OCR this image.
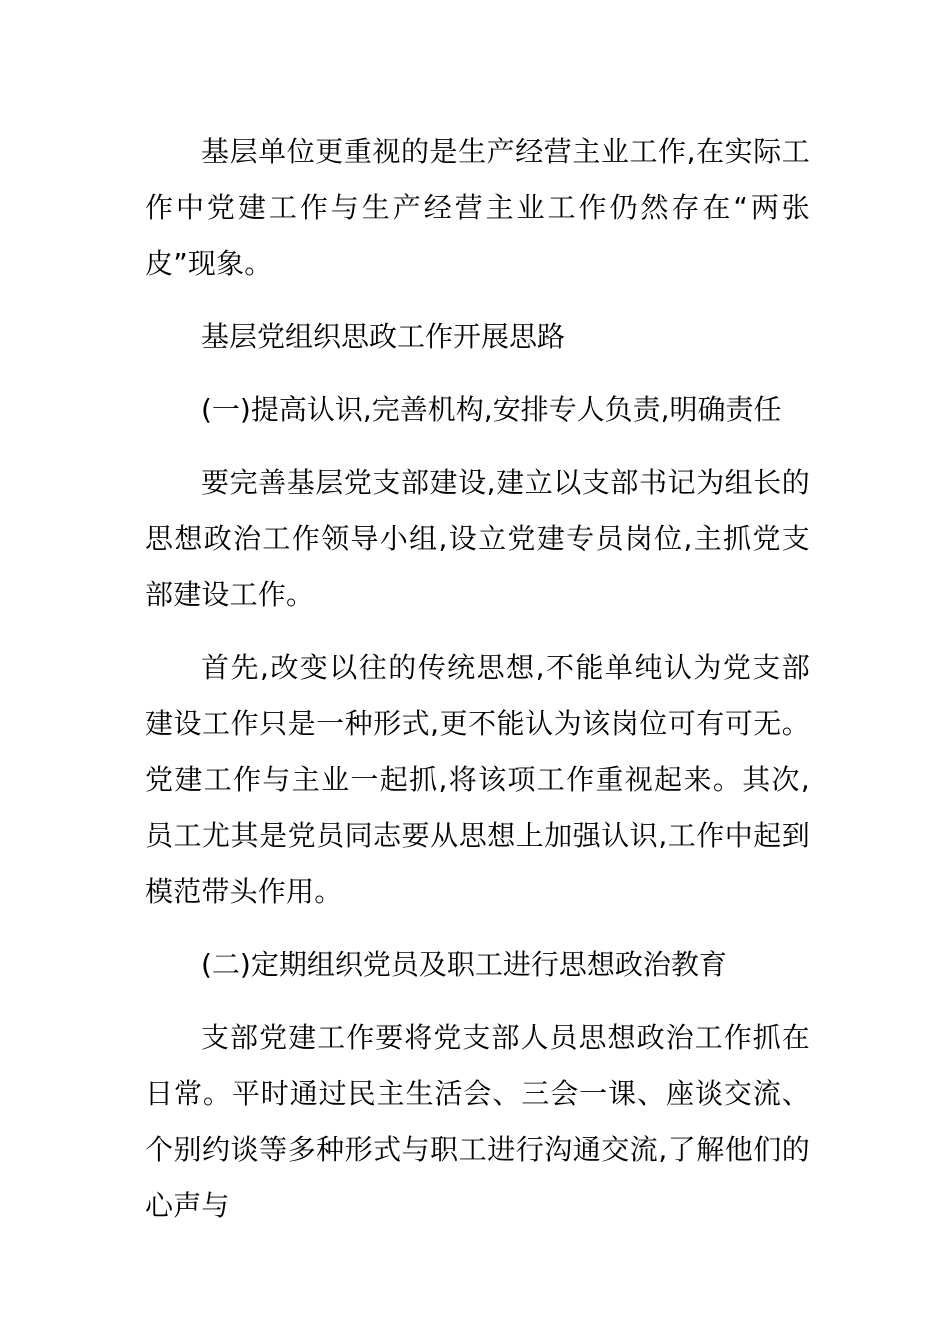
基层单位更重视的是生产经营主业工作,在实际工作中党建工作与生产经营主业工作仍然存在“两张皮”现象。

基层党组织思政工作开展思路

(一)提高认识,完善机构,安排专人负责,明确责任

要完善基层党支部建设,建立以支部书记为组长的思想政治工作领导小组,设立党建专员岗位,主抓党支部建设工作。

首先,改变以往的传统思想,不能单纯认为党支部建设工作只是一种形式,更不能认为该岗位可有可无。党建工作与主业一起抓,将该项工作重视起来。其次,员工尤其是党员同志要从思想上加强认识,工作中起到模范带头作用。

(二)定期组织党员及职工进行思想政治教育

支部党建工作要将党支部人员思想政治工作抓在日常。平时通过民主生活会、三会一课、座谈交流、个别约谈等多种形式与职工进行沟通交流,了解他们的心声与
